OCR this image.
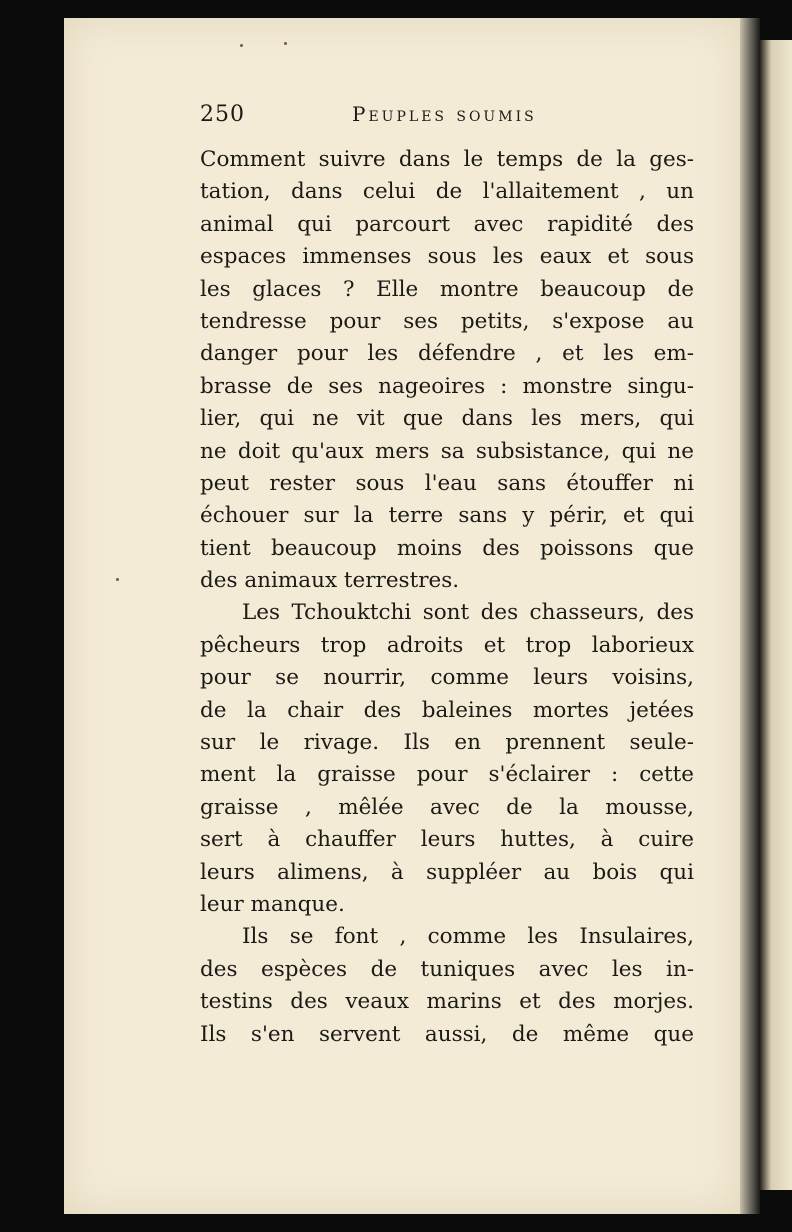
250	Peuples soumis
Comment suivre dans le temps de la ges-
tation, dans celui de l'allaitement , un
animal qui parcourt avec rapidité des
espaces immenses sous les eaux et sous
les glaces ? Elle montre beaucoup de
tendresse pour ses petits, s'expose au
danger pour les défendre , et les em-
brasse de ses nageoires : monstre singu-
lier, qui ne vit que dans les mers, qui
ne doit qu'aux mers sa subsistance, qui ne
peut rester sous l'eau sans étouffer ni
échouer sur la terre sans y périr, et qui
tient beaucoup moins des poissons que
des animaux terrestres.
Les Tchouktchi sont des chasseurs, des
pêcheurs trop adroits et trop laborieux
pour se nourrir, comme leurs voisins,
de la chair des baleines mortes jetées
sur le rivage. Ils en prennent seule-
ment la graisse pour s'éclairer : cette
graisse , mêlée avec de la mousse,
sert à chauffer leurs huttes, à cuire
leurs alimens, à suppléer au bois qui
leur manque.
Ils se font , comme les Insulaires,
des espèces de tuniques avec les in-
testins des veaux marins et des morjes.
Ils s'en servent aussi, de même que
